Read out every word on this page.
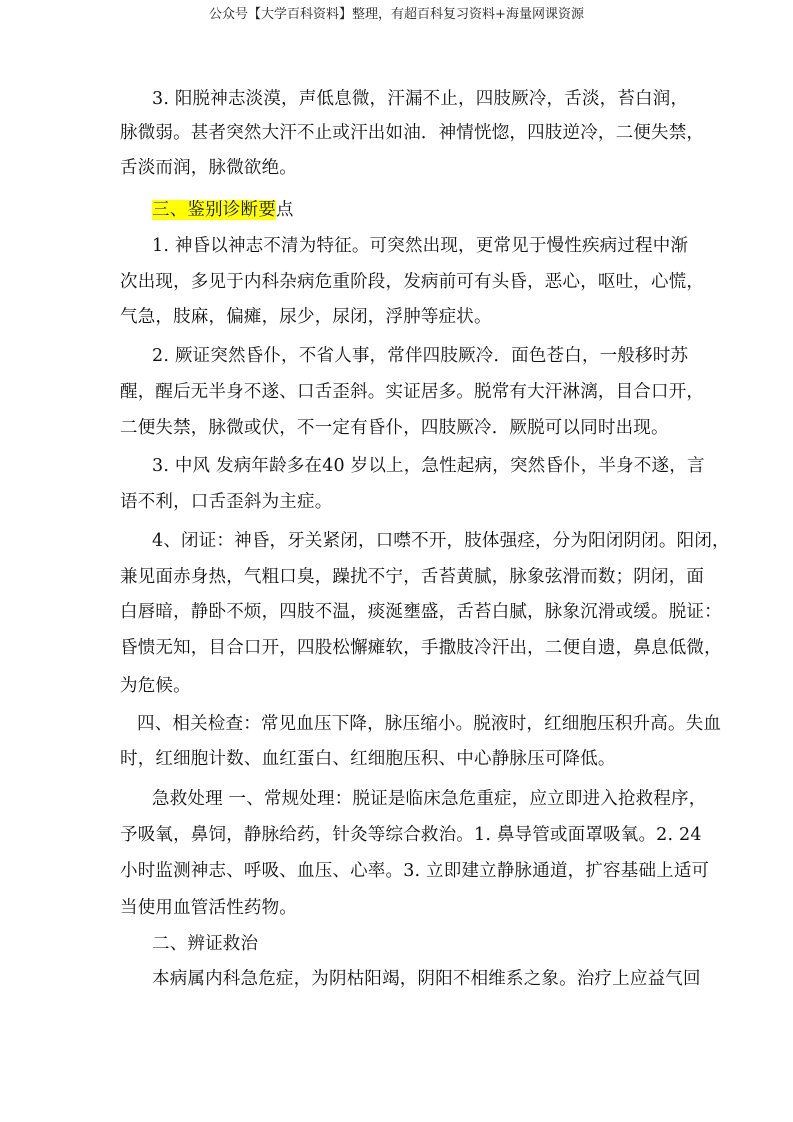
公众号【大学百科资料】整理，有超百科复习资料+海量网课资源
3. 阳脱神志淡漠，声低息微，汗漏不止，四肢厥冷，舌淡，苔白润，
脉微弱。甚者突然大汗不止或汗出如油．神情恍惚，四肢逆冷，二便失禁，
舌淡而润，脉微欲绝。
三、鉴别诊断要点
1. 神昏以神志不清为特征。可突然出现，更常见于慢性疾病过程中渐
次出现，多见于内科杂病危重阶段，发病前可有头昏，恶心，呕吐，心慌，
气急，肢麻，偏瘫，尿少，尿闭，浮肿等症状。
2. 厥证突然昏仆，不省人事，常伴四肢厥冷．面色苍白，一般移时苏
醒，醒后无半身不遂、口舌歪斜。实证居多。脱常有大汗淋漓，目合口开，
二便失禁，脉微或伏，不一定有昏仆，四肢厥冷．厥脱可以同时出现。
3. 中风 发病年龄多在40 岁以上，急性起病，突然昏仆，半身不遂，言
语不利，口舌歪斜为主症。
4、闭证：神昏，牙关紧闭，口噤不开，肢体强痉，分为阳闭阴闭。阳闭，
兼见面赤身热，气粗口臭，躁扰不宁，舌苔黄腻，脉象弦滑而数；阴闭，面
白唇暗，静卧不烦，四肢不温，痰涎壅盛，舌苔白腻，脉象沉滑或缓。脱证：
昏愦无知，目合口开，四股松懈瘫软，手撒肢冷汗出，二便自遗，鼻息低微，
为危候。
四、相关检查：常见血压下降，脉压缩小。脱液时，红细胞压积升高。失血
时，红细胞计数、血红蛋白、红细胞压积、中心静脉压可降低。
急救处理 一、常规处理：脱证是临床急危重症，应立即进入抢救程序，
予吸氧，鼻饲，静脉给药，针灸等综合救治。1. 鼻导管或面罩吸氧。2. 24
小时监测神志、呼吸、血压、心率。3. 立即建立静脉通道，扩容基础上适可
当使用血管活性药物。
二、辨证救治
本病属内科急危症，为阴枯阳竭，阴阳不相维系之象。治疗上应益气回
